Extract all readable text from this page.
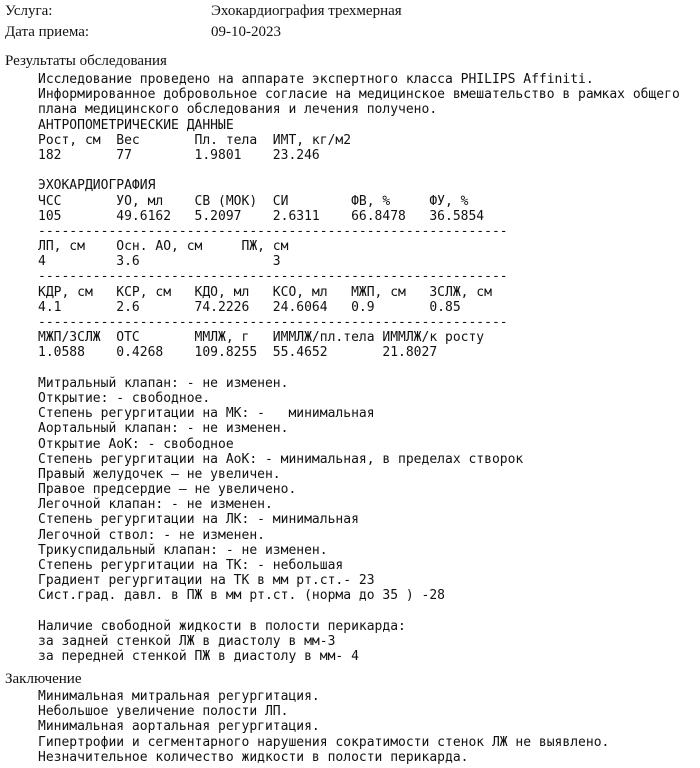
Услуга:	Эхокардиография трехмерная
Дата приема:	09-10-2023
Результаты обследования
Исследование проведено на аппарате экспертного класса PHILIPS Affiniti.
Информированное добровольное согласие на медицинское вмешательство в рамках общего
плана медицинского обследования и лечения получено.
АНТРОПОМЕТРИЧЕСКИЕ ДАННЫЕ
Рост, см  Вес       Пл. тела  ИМТ, кг/м2
182       77        1.9801    23.246
ЭХОКАРДИОГРАФИЯ
ЧСС       УО, мл    СВ (МОК)  СИ        ФВ, %     ФУ, %
105       49.6162   5.2097    2.6311    66.8478   36.5854
------------------------------------------------------------
ЛП, см    Осн. АО, см     ПЖ, см
4         3.6                 3
------------------------------------------------------------
КДР, см   КСР, см   КДО, мл   КСО, мл   МЖП, см   ЗСЛЖ, см
4.1       2.6       74.2226   24.6064   0.9       0.85
------------------------------------------------------------
МЖП/ЗСЛЖ  ОТС       ММЛЖ, г   ИММЛЖ/пл.тела ИММЛЖ/к росту
1.0588    0.4268    109.8255  55.4652       21.8027
Митральный клапан: - не изменен.
Открытие: - свободное.
Степень регургитации на МК: -   минимальная
Аортальный клапан: - не изменен.
Открытие АоК: - свободное
Степень регургитации на АоК: - минимальная, в пределах створок
Правый желудочек — не увеличен.
Правое предсердие — не увеличено.
Легочной клапан: - не изменен.
Степень регургитации на ЛК: - минимальная
Легочной ствол: - не изменен.
Трикуспидальный клапан: - не изменен.
Степень регургитации на ТК: - небольшая
Градиент регургитации на ТК в мм рт.ст.- 23
Сист.град. давл. в ПЖ в мм рт.ст. (норма до 35 ) -28
Наличие свободной жидкости в полости перикарда:
за задней стенкой ЛЖ в диастолу в мм-3
за передней стенкой ПЖ в диастолу в мм- 4
Заключение
Минимальная митральная регургитация.
Небольшое увеличение полости ЛП.
Минимальная аортальная регургитация.
Гипертрофии и сегментарного нарушения сократимости стенок ЛЖ не выявлено.
Незначительное количество жидкости в полости перикарда.
